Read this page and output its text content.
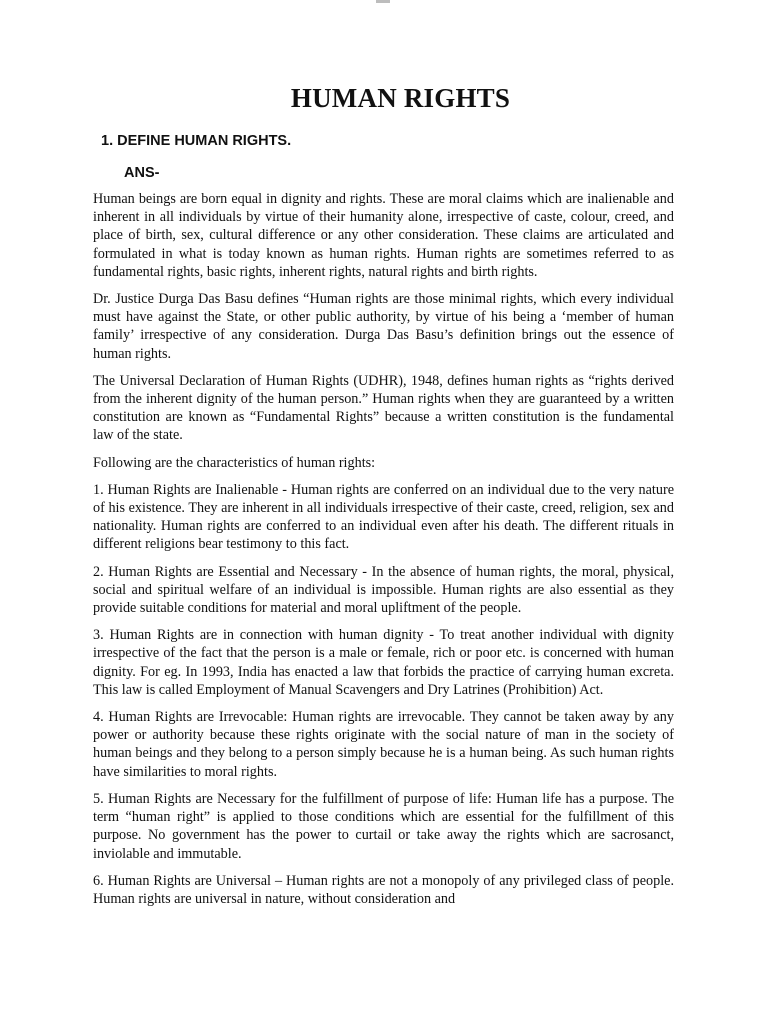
HUMAN RIGHTS
1. DEFINE HUMAN RIGHTS.
ANS-

Human beings are born equal in dignity and rights. These are moral claims which are inalienable and inherent in all individuals by virtue of their humanity alone, irrespective of caste, colour, creed, and place of birth, sex, cultural difference or any other consideration. These claims are articulated and formulated in what is today known as human rights. Human rights are sometimes referred to as fundamental rights, basic rights, inherent rights, natural rights and birth rights.

Dr. Justice Durga Das Basu defines “Human rights are those minimal rights, which every individual must have against the State, or other public authority, by virtue of his being a ‘member of human family’ irrespective of any consideration. Durga Das Basu’s definition brings out the essence of human rights.

The Universal Declaration of Human Rights (UDHR), 1948, defines human rights as “rights derived from the inherent dignity of the human person.” Human rights when they are guaranteed by a written constitution are known as “Fundamental Rights” because a written constitution is the fundamental law of the state.

Following are the characteristics of human rights:

1. Human Rights are Inalienable - Human rights are conferred on an individual due to the very nature of his existence. They are inherent in all individuals irrespective of their caste, creed, religion, sex and nationality. Human rights are conferred to an individual even after his death. The different rituals in different religions bear testimony to this fact.

2. Human Rights are Essential and Necessary - In the absence of human rights, the moral, physical, social and spiritual welfare of an individual is impossible. Human rights are also essential as they provide suitable conditions for material and moral upliftment of the people.

3. Human Rights are in connection with human dignity - To treat another individual with dignity irrespective of the fact that the person is a male or female, rich or poor etc. is concerned with human dignity. For eg. In 1993, India has enacted a law that forbids the practice of carrying human excreta. This law is called Employment of Manual Scavengers and Dry Latrines (Prohibition) Act.

4. Human Rights are Irrevocable: Human rights are irrevocable. They cannot be taken away by any power or authority because these rights originate with the social nature of man in the society of human beings and they belong to a person simply because he is a human being. As such human rights have similarities to moral rights.

5. Human Rights are Necessary for the fulfillment of purpose of life: Human life has a purpose. The term “human right” is applied to those conditions which are essential for the fulfillment of this purpose. No government has the power to curtail or take away the rights which are sacrosanct, inviolable and immutable.

6. Human Rights are Universal – Human rights are not a monopoly of any privileged class of people. Human rights are universal in nature, without consideration and
